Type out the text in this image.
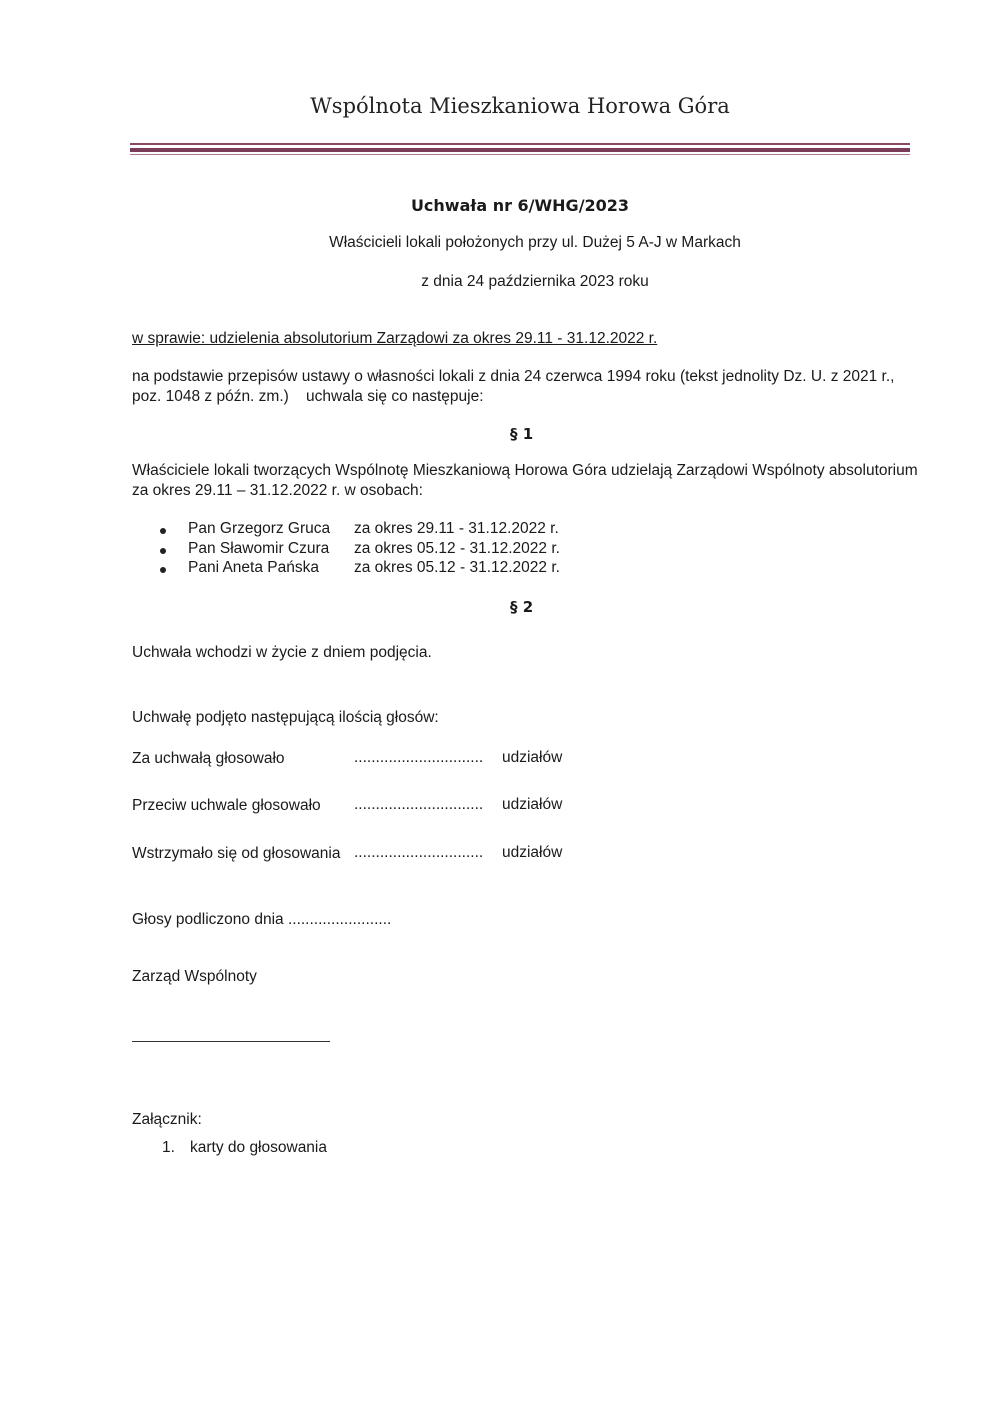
Wspólnota Mieszkaniowa Horowa Góra
Uchwała nr 6/WHG/2023
Właścicieli lokali położonych przy ul. Dużej 5 A-J w Markach
z dnia 24 października 2023 roku
w sprawie: udzielenia absolutorium Zarządowi za okres 29.11 - 31.12.2022 r.
na podstawie przepisów ustawy o własności lokali z dnia 24 czerwca 1994 roku (tekst jednolity Dz. U. z 2021 r.,
poz. 1048 z późn. zm.)    uchwala się co następuje:
§ 1
Właściciele lokali tworzących Wspólnotę Mieszkaniową Horowa Góra udzielają Zarządowi Wspólnoty absolutorium
za okres 29.11 – 31.12.2022 r. w osobach:
Pan Grzegorz Gruca za okres 29.11 - 31.12.2022 r.
Pan Sławomir Czura za okres 05.12 - 31.12.2022 r.
Pani Aneta Pańska za okres 05.12 - 31.12.2022 r.
§ 2
Uchwała wchodzi w życie z dniem podjęcia.
Uchwałę podjęto następującą ilością głosów:
Za uchwałą głosowało	.............................. udziałów
Przeciw uchwale głosowało .............................. udziałów
Wstrzymało się od głosowania .............................. udziałów
Głosy podliczono dnia ........................
Zarząd Wspólnoty
Załącznik:
1. karty do głosowania
